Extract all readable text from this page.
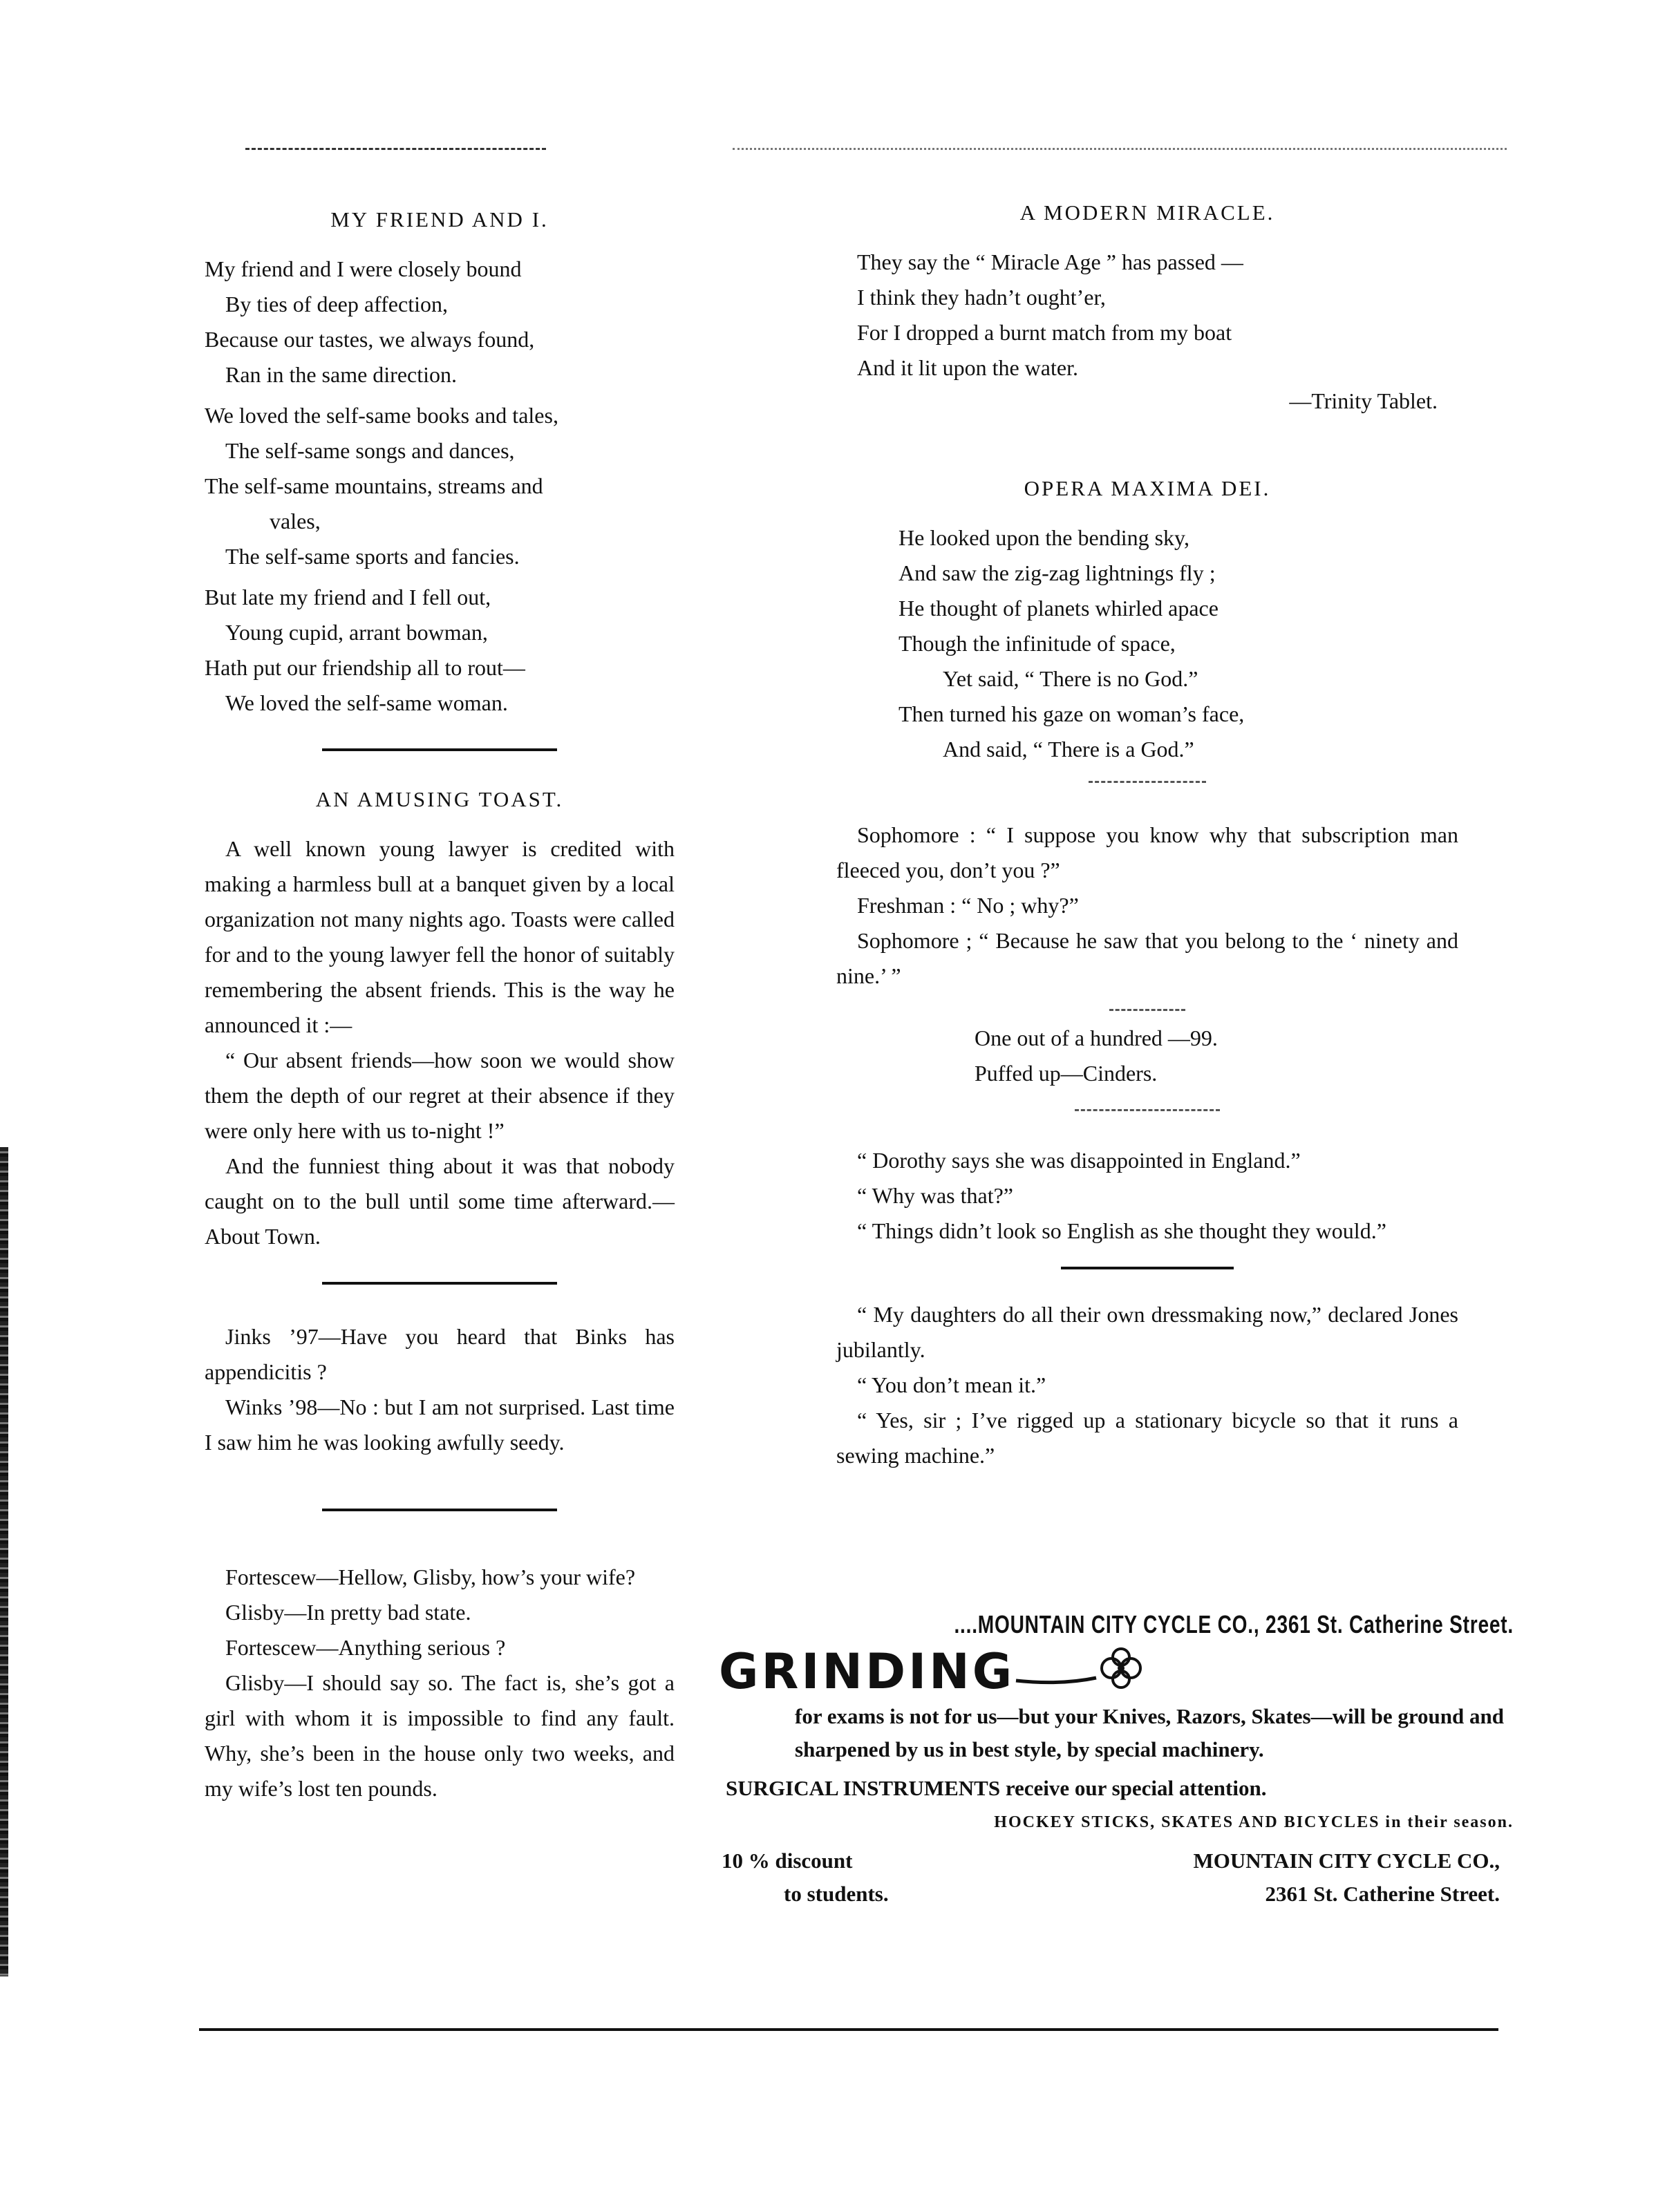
MY FRIEND AND I.
My friend and I were closely bound
By ties of deep affection,
Because our tastes, we always found,
Ran in the same direction.
We loved the self-same books and tales,
The self-same songs and dances,
The self-same mountains, streams and
vales,
The self-same sports and fancies.
But late my friend and I fell out,
Young cupid, arrant bowman,
Hath put our friendship all to rout—
We loved the self-same woman.
AN AMUSING TOAST.

A well known young lawyer is credited with making a harmless bull at a banquet given by a local organization not many nights ago. Toasts were called for and to the young lawyer fell the honor of suitably remembering the absent friends. This is the way he announced it :—

“ Our absent friends—how soon we would show them the depth of our regret at their absence if they were only here with us to-night !”

And the funniest thing about it was that nobody caught on to the bull until some time afterward.—About Town.

Jinks ’97—Have you heard that Binks has appendicitis ?

Winks ’98—No : but I am not surprised. Last time I saw him he was looking awfully seedy.

Fortescew—Hellow, Glisby, how’s your wife?

Glisby—In pretty bad state.

Fortescew—Anything serious ?

Glisby—I should say so. The fact is, she’s got a girl with whom it is impossible to find any fault. Why, she’s been in the house only two weeks, and my wife’s lost ten pounds.

A MODERN MIRACLE.
They say the “ Miracle Age ” has passed —
I think they hadn’t ought’er,
For I dropped a burnt match from my boat
And it lit upon the water.
—Trinity Tablet.
OPERA MAXIMA DEI.
He looked upon the bending sky,
And saw the zig-zag lightnings fly ;
He thought of planets whirled apace
Though the infinitude of space,
Yet said, “ There is no God.”
Then turned his gaze on woman’s face,
And said, “ There is a God.”

Sophomore : “ I suppose you know why that subscription man fleeced you, don’t you ?”

Freshman : “ No ; why?”

Sophomore ; “ Because he saw that you belong to the ‘ ninety and nine.’ ”

One out of a hundred —99.
Puffed up—Cinders.

“ Dorothy says she was disappointed in England.”

“ Why was that?”

“ Things didn’t look so English as she thought they would.”

“ My daughters do all their own dressmaking now,” declared Jones jubilantly.

“ You don’t mean it.”

“ Yes, sir ; I’ve rigged up a stationary bicycle so that it runs a sewing machine.”

....MOUNTAIN CITY CYCLE CO., 2361 St. Catherine Street.
GRINDING
for exams is not for us—but your Knives, Razors, Skates—will be ground and sharpened by us in best style, by special machinery.
SURGICAL INSTRUMENTS receive our special attention.
HOCKEY STICKS, SKATES AND BICYCLES in their season.
10 % discount
to students.
MOUNTAIN CITY CYCLE CO.,
2361 St. Catherine Street.
